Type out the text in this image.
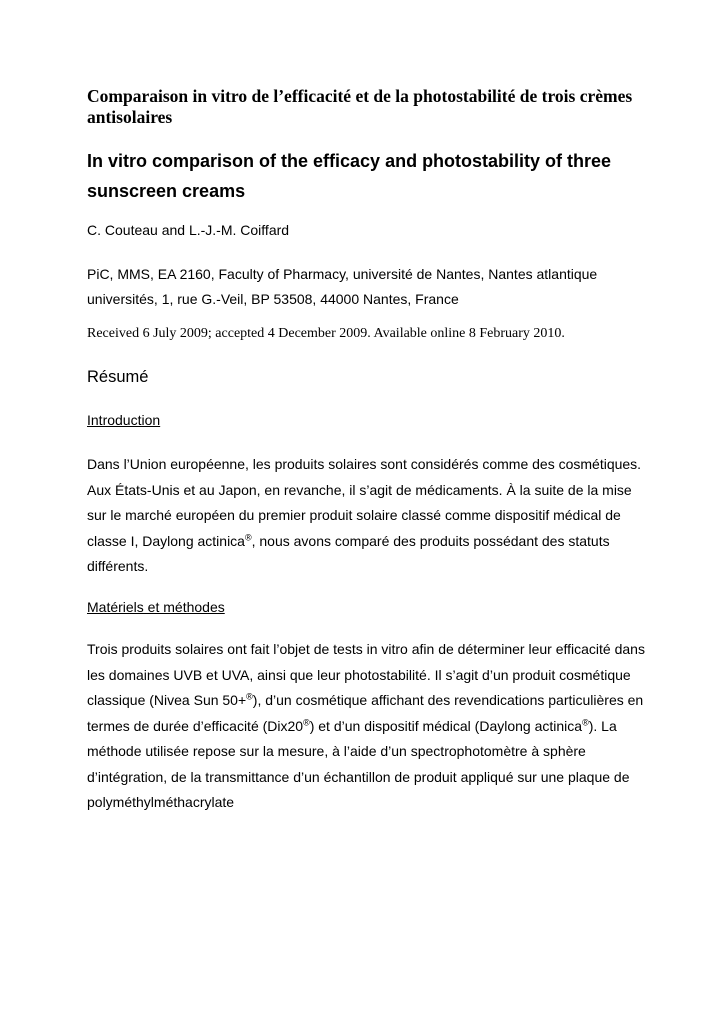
Comparaison in vitro de l’efficacité et de la photostabilité de trois crèmes antisolaires
In vitro comparison of the efficacy and photostability of three sunscreen creams

C. Couteau and L.-J.-M. Coiffard

PiC, MMS, EA 2160, Faculty of Pharmacy, université de Nantes, Nantes atlantique universités, 1, rue G.-Veil, BP 53508, 44000 Nantes, France

Received 6 July 2009; accepted 4 December 2009. Available online 8 February 2010.

Résumé
Introduction

Dans l’Union européenne, les produits solaires sont considérés comme des cosmétiques. Aux États-Unis et au Japon, en revanche, il s’agit de médicaments. À la suite de la mise sur le marché européen du premier produit solaire classé comme dispositif médical de classe I, Daylong actinica®, nous avons comparé des produits possédant des statuts différents.

Matériels et méthodes

Trois produits solaires ont fait l’objet de tests in vitro afin de déterminer leur efficacité dans les domaines UVB et UVA, ainsi que leur photostabilité. Il s’agit d’un produit cosmétique classique (Nivea Sun 50+®), d’un cosmétique affichant des revendications particulières en termes de durée d’efficacité (Dix20®) et d’un dispositif médical (Daylong actinica®). La méthode utilisée repose sur la mesure, à l’aide d’un spectrophotomètre à sphère d’intégration, de la transmittance d’un échantillon de produit appliqué sur une plaque de polyméthylméthacrylate
